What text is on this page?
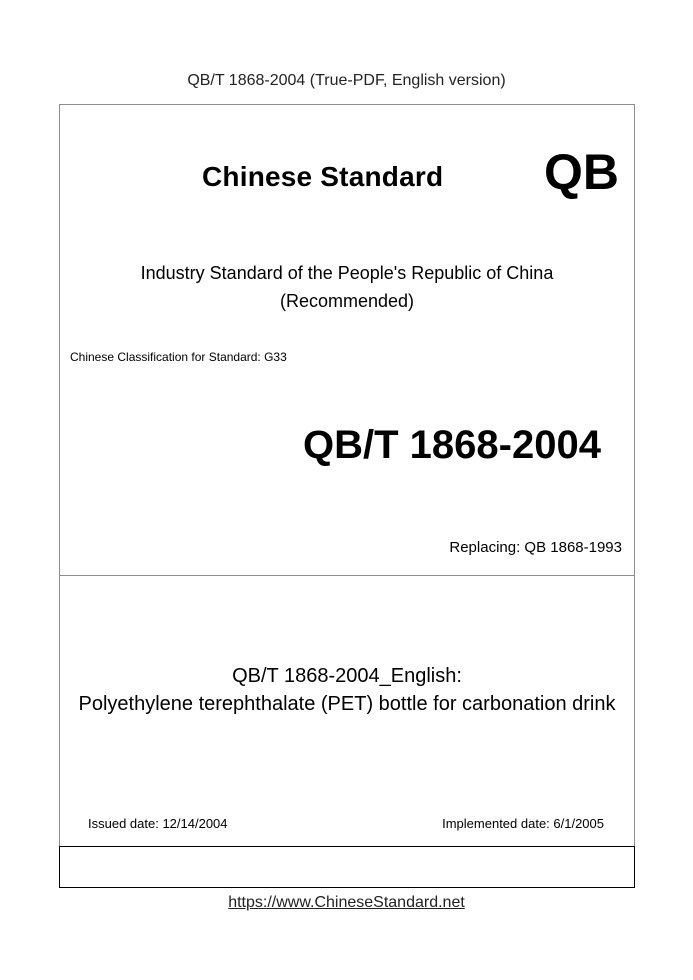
QB/T 1868-2004 (True-PDF, English version)
Chinese Standard QB
Industry Standard of the People's Republic of China
(Recommended)
Chinese Classification for Standard: G33
QB/T 1868-2004
Replacing: QB 1868-1993
QB/T 1868-2004_English:
Polyethylene terephthalate (PET) bottle for carbonation drink
Issued date: 12/14/2004	Implemented date: 6/1/2005
https://www.ChineseStandard.net
